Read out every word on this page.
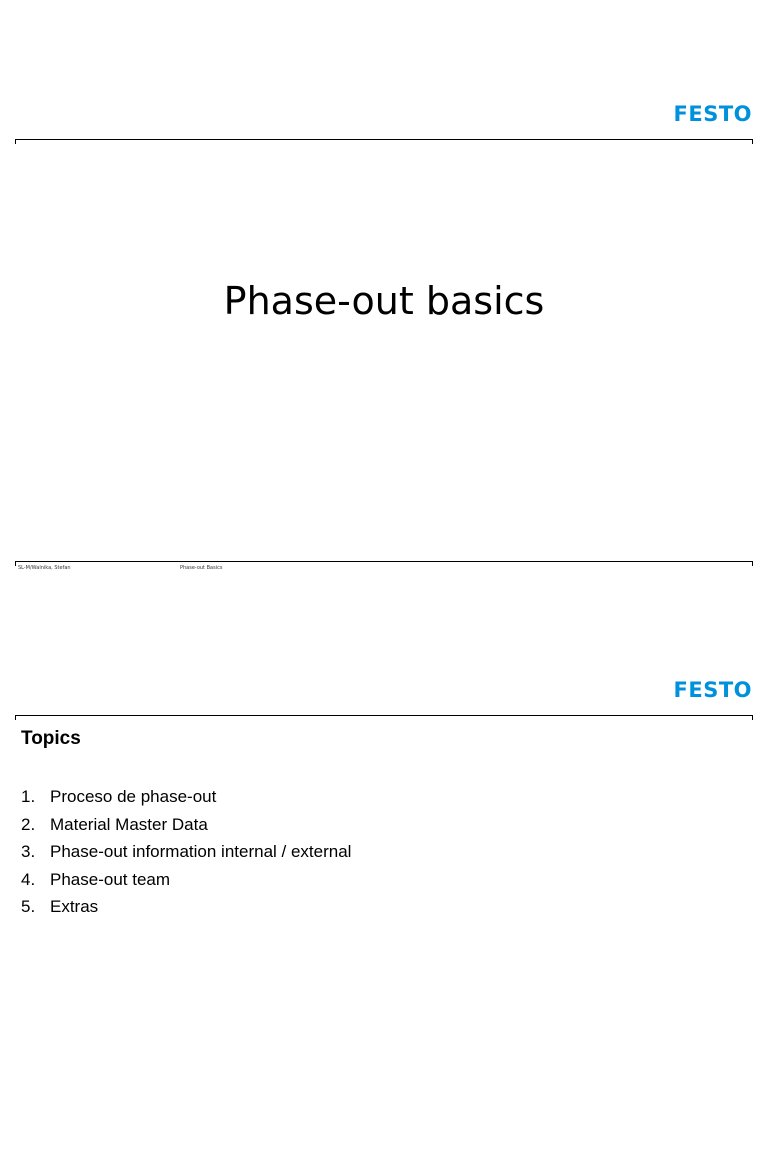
FESTO
Phase-out basics
SL-M/Walnika, Stefan	Phase-out Basics
FESTO
Topics
1. Proceso de phase-out
2. Material Master Data
3. Phase-out information internal / external
4. Phase-out team
5. Extras
